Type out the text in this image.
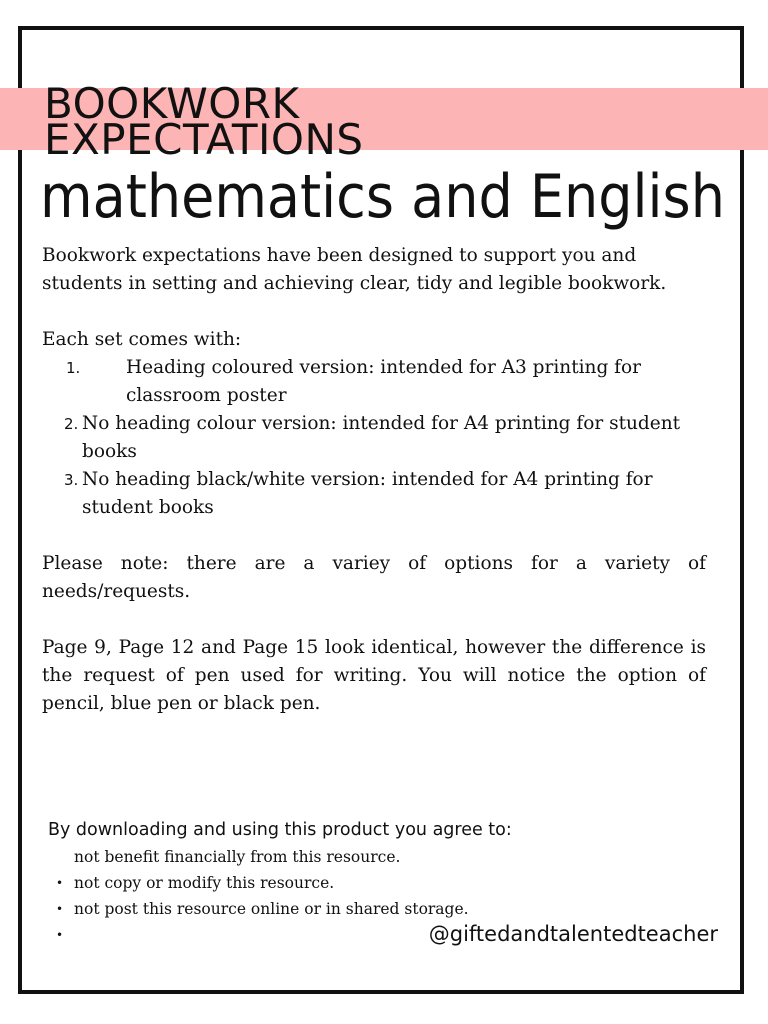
BOOKWORK
EXPECTATIONS
mathematics and English

Bookwork expectations have been designed to support you and students in setting and achieving clear, tidy and legible bookwork.

Each set comes with:

1. Heading coloured version: intended for A3 printing for classroom poster
2. No heading colour version: intended for A4 printing for student books
3. No heading black/white version: intended for A4 printing for student books

Please note: there are a variey of options for a variety of needs/requests.

Page 9, Page 12 and Page 15 look identical, however the difference is the request of pen used for writing. You will notice the option of pencil, blue pen or black pen.

By downloading and using this product you agree to:

not benefit financially from this resource.
• not copy or modify this resource.
• not post this resource online or in shared storage.
•	@giftedandtalentedteacher
